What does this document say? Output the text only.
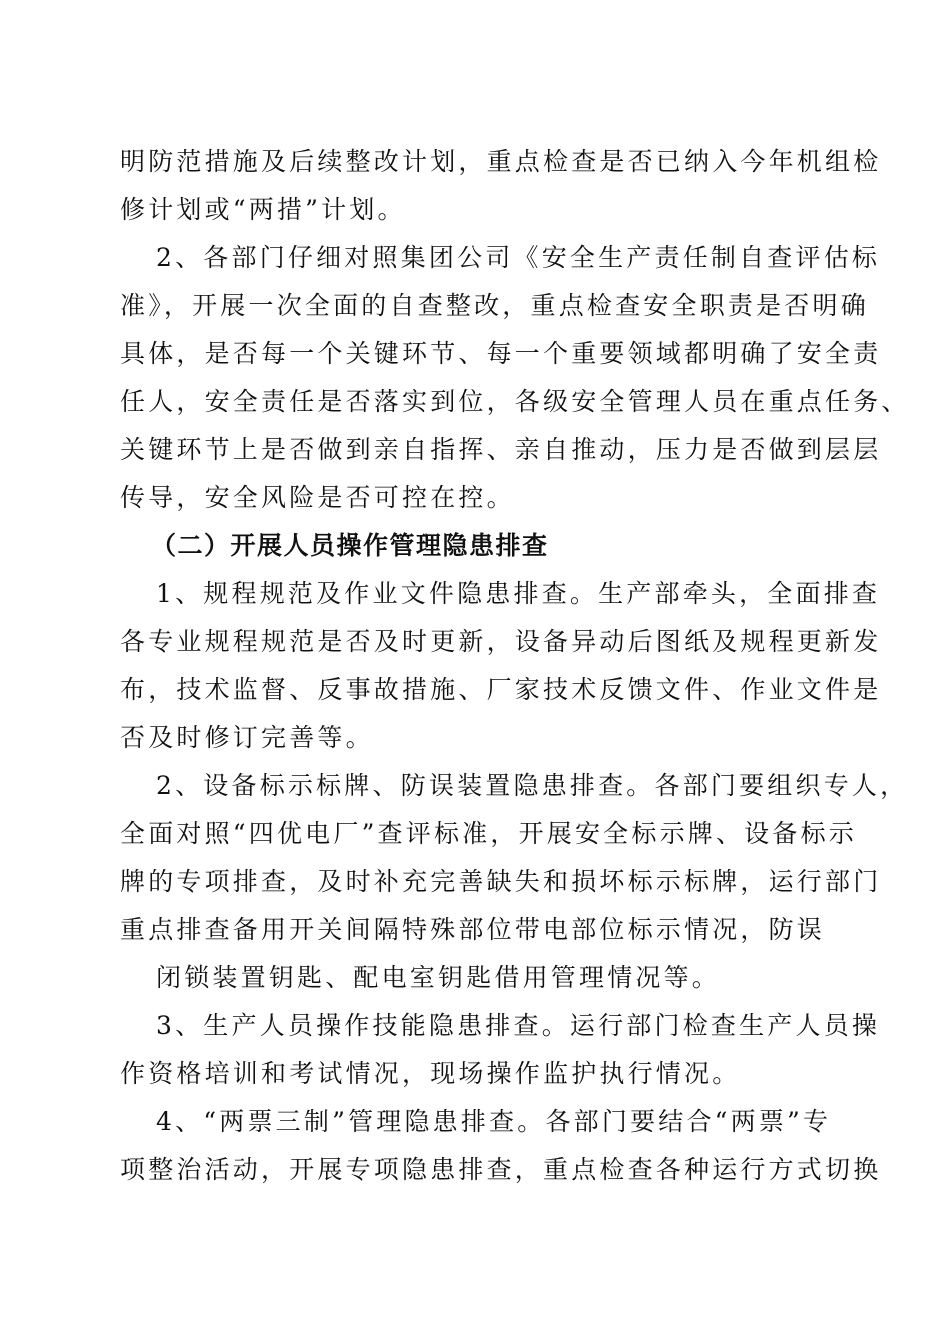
明防范措施及后续整改计划，重点检查是否已纳入今年机组检
修计划或“两措”计划。
2、各部门仔细对照集团公司《安全生产责任制自查评估标
准》，开展一次全面的自查整改，重点检查安全职责是否明确
具体，是否每一个关键环节、每一个重要领域都明确了安全责
任人，安全责任是否落实到位，各级安全管理人员在重点任务、
关键环节上是否做到亲自指挥、亲自推动，压力是否做到层层
传导，安全风险是否可控在控。
（二）开展人员操作管理隐患排查
1、规程规范及作业文件隐患排查。生产部牵头，全面排查
各专业规程规范是否及时更新，设备异动后图纸及规程更新发
布，技术监督、反事故措施、厂家技术反馈文件、作业文件是
否及时修订完善等。
2、设备标示标牌、防误装置隐患排查。各部门要组织专人，
全面对照“四优电厂”查评标准，开展安全标示牌、设备标示
牌的专项排查，及时补充完善缺失和损坏标示标牌，运行部门
重点排查备用开关间隔特殊部位带电部位标示情况，防误
闭锁装置钥匙、配电室钥匙借用管理情况等。
3、生产人员操作技能隐患排查。运行部门检查生产人员操
作资格培训和考试情况，现场操作监护执行情况。
4、“两票三制”管理隐患排查。各部门要结合“两票”专
项整治活动，开展专项隐患排查，重点检查各种运行方式切换
